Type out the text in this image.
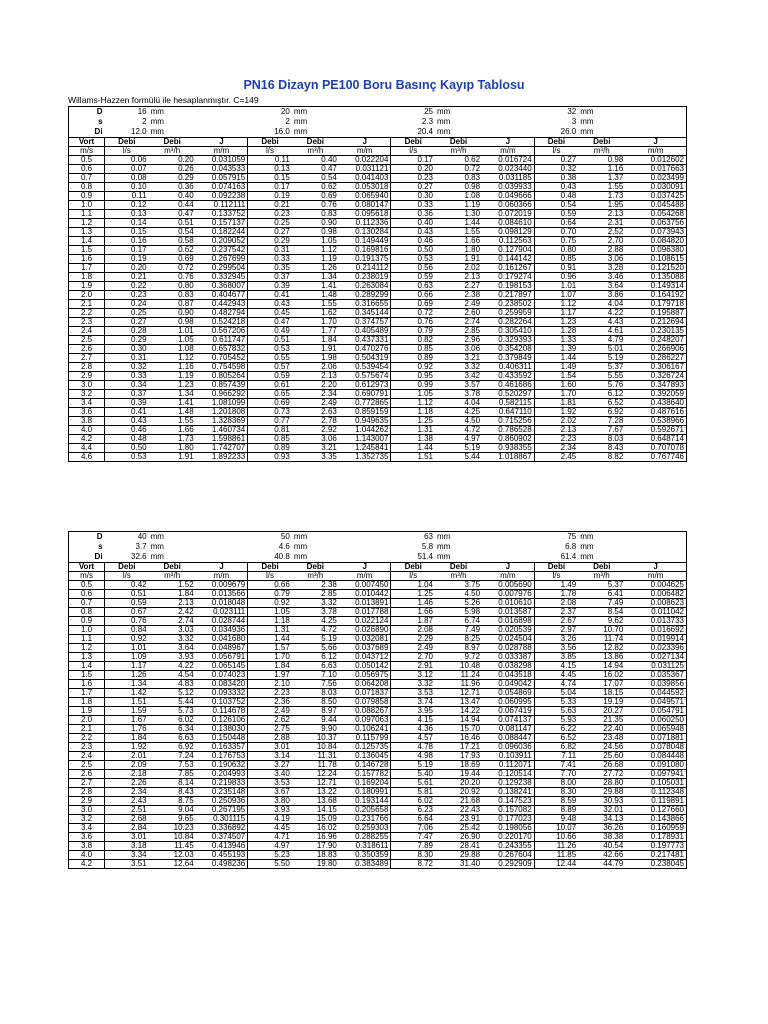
PN16 Dizayn PE100 Boru Basınç Kayıp Tablosu
Willams-Hazzen formülü ile hesaplanmıştır. C=149
D	16	mm		20	mm		25	mm		32	mm	
s	2	mm		2	mm		2.3	mm		3	mm	
Di	12.0	mm		16.0	mm		20.4	mm		26.0	mm	
Vort	Debi	Debi	J	Debi	Debi	J	Debi	Debi	J	Debi	Debi	J
m/s	l/s	m³/h	m/m	l/s	m³/h	m/m	l/s	m³/h	m/m	l/s	m³/h	m/m
0.5	0.06	0.20	0.031059	0.11	0.40	0.022204	0.17	0.62	0.016724	0.27	0.98	0.012602
0.6	0.07	0.26	0.043533	0.13	0.47	0.031121	0.20	0.72	0.023440	0.32	1.16	0.017663
0.7	0.08	0.29	0.057915	0.15	0.54	0.041403	0.23	0.83	0.031185	0.38	1.37	0.023499
0.8	0.10	0.36	0.074163	0.17	0.62	0.053018	0.27	0.98	0.039933	0.43	1.55	0.030091
0.9	0.11	0.40	0.092238	0.19	0.69	0.065940	0.30	1.08	0.049666	0.48	1.73	0.037425
1.0	0.12	0.44	0.112111	0.21	0.76	0.080147	0.33	1.19	0.060366	0.54	1.95	0.045488
1.1	0.13	0.47	0.133752	0.23	0.83	0.095618	0.36	1.30	0.072019	0.59	2.13	0.054268
1.2	0.14	0.51	0.157137	0.25	0.90	0.112336	0.40	1.44	0.084610	0.64	2.31	0.063756
1.3	0.15	0.54	0.182244	0.27	0.98	0.130284	0.43	1.55	0.098129	0.70	2.52	0.073943
1.4	0.16	0.58	0.209052	0.29	1.05	0.149449	0.46	1.66	0.112563	0.75	2.70	0.084820
1.5	0.17	0.62	0.237542	0.31	1.12	0.169816	0.50	1.80	0.127904	0.80	2.88	0.096380
1.6	0.19	0.69	0.267699	0.33	1.19	0.191375	0.53	1.91	0.144142	0.85	3.06	0.108615
1.7	0.20	0.72	0.299504	0.35	1.26	0.214112	0.56	2.02	0.161267	0.91	3.28	0.121520
1.8	0.21	0.76	0.332945	0.37	1.34	0.238019	0.59	2.13	0.179274	0.96	3.46	0.135088
1.9	0.22	0.80	0.368007	0.39	1.41	0.263084	0.63	2.27	0.198153	1.01	3.64	0.149314
2.0	0.23	0.83	0.404677	0.41	1.48	0.289299	0.66	2.38	0.217897	1.07	3.86	0.164192
2.1	0.24	0.87	0.442943	0.43	1.55	0.316655	0.69	2.49	0.238502	1.12	4.04	0.179718
2.2	0.25	0.90	0.482794	0.45	1.62	0.345144	0.72	2.60	0.259959	1.17	4.22	0.195887
2.3	0.27	0.98	0.524218	0.47	1.70	0.374757	0.76	2.74	0.282264	1.23	4.43	0.212694
2.4	0.28	1.01	0.567206	0.49	1.77	0.405489	0.79	2.85	0.305410	1.28	4.61	0.230135
2.5	0.29	1.05	0.611747	0.51	1.84	0.437331	0.82	2.96	0.329393	1.33	4.79	0.248207
2.6	0.30	1.08	0.657832	0.53	1.91	0.470276	0.85	3.06	0.354208	1.39	5.01	0.266906
2.7	0.31	1.12	0.705452	0.55	1.98	0.504319	0.89	3.21	0.379849	1.44	5.19	0.286227
2.8	0.32	1.16	0.754598	0.57	2.06	0.539454	0.92	3.32	0.406311	1.49	5.37	0.306167
2.9	0.33	1.19	0.805264	0.59	2.13	0.575674	0.95	3.42	0.433592	1.54	5.55	0.326724
3.0	0.34	1.23	0.857439	0.61	2.20	0.612973	0.99	3.57	0.461686	1.60	5.76	0.347893
3.2	0.37	1.34	0.966292	0.65	2.34	0.690791	1.05	3.78	0.520297	1.70	6.12	0.392059
3.4	0.39	1.41	1.081099	0.69	2.49	0.772865	1.12	4.04	0.582115	1.81	6.52	0.438640
3.6	0.41	1.48	1.201808	0.73	2.63	0.859159	1.18	4.25	0.647110	1.92	6.92	0.487616
3.8	0.43	1.55	1.328369	0.77	2.78	0.949635	1.25	4.50	0.715256	2.02	7.28	0.538966
4.0	0.46	1.66	1.460734	0.81	2.92	1.044262	1.31	4.72	0.786528	2.13	7.67	0.592671
4.2	0.48	1.73	1.598861	0.85	3.06	1.143007	1.38	4.97	0.860902	2.23	8.03	0.648714
4.4	0.50	1.80	1.742707	0.89	3.21	1.245841	1.44	5.19	0.938355	2.34	8.43	0.707078
4.6	0.53	1.91	1.892233	0.93	3.35	1.352735	1.51	5.44	1.018867	2.45	8.82	0.767746
D	40	mm		50	mm		63	mm		75	mm	
s	3.7	mm		4.6	mm		5.8	mm		6.8	mm	
Di	32.6	mm		40.8	mm		51.4	mm		61.4	mm	
Vort	Debi	Debi	J	Debi	Debi	J	Debi	Debi	J	Debi	Debi	J
m/s	l/s	m³/h	m/m	l/s	m³/h	m/m	l/s	m³/h	m/m	l/s	m³/h	m/m
0.5	0.42	1.52	0.009679	0.66	2.38	0.007450	1.04	3.75	0.005690	1.49	5.37	0.004625
0.6	0.51	1.84	0.013566	0.79	2.85	0.010442	1.25	4.50	0.007976	1.78	6.41	0.006482
0.7	0.59	2.13	0.018048	0.92	3.32	0.013891	1.46	5.26	0.010610	2.08	7.49	0.008623
0.8	0.67	2.42	0.023111	1.05	3.78	0.017788	1.66	5.98	0.013587	2.37	8.54	0.011042
0.9	0.76	2.74	0.028744	1.18	4.25	0.022124	1.87	6.74	0.016898	2.67	9.62	0.013733
1.0	0.84	3.03	0.034936	1.31	4.72	0.026890	2.08	7.49	0.020539	2.97	10.70	0.016692
1.1	0.92	3.32	0.041680	1.44	5.19	0.032081	2.29	8.25	0.024504	3.26	11.74	0.019914
1.2	1.01	3.64	0.048967	1.57	5.66	0.037689	2.49	8.97	0.028788	3.56	12.82	0.023396
1.3	1.09	3.93	0.056791	1.70	6.12	0.043712	2.70	9.72	0.033387	3.85	13.86	0.027134
1.4	1.17	4.22	0.065145	1.84	6.63	0.050142	2.91	10.48	0.038298	4.15	14.94	0.031125
1.5	1.26	4.54	0.074023	1.97	7.10	0.056975	3.12	11.24	0.043518	4.45	16.02	0.035367
1.6	1.34	4.83	0.083420	2.10	7.56	0.064208	3.32	11.96	0.049042	4.74	17.07	0.039856
1.7	1.42	5.12	0.093332	2.23	8.03	0.071837	3.53	12.71	0.054869	5.04	18.15	0.044592
1.8	1.51	5.44	0.103752	2.36	8.50	0.079858	3.74	13.47	0.060995	5.33	19.19	0.049571
1.9	1.59	5.73	0.114678	2.49	8.97	0.088267	3.95	14.22	0.067419	5.63	20.27	0.054791
2.0	1.67	6.02	0.126106	2.62	9.44	0.097063	4.15	14.94	0.074137	5.93	21.35	0.060250
2.1	1.76	6.34	0.138030	2.75	9.90	0.106241	4.36	15.70	0.081147	6.22	22.40	0.065948
2.2	1.84	6.63	0.150448	2.88	10.37	0.115799	4.57	16.46	0.088447	6.52	23.48	0.071881
2.3	1.92	6.92	0.163357	3.01	10.84	0.125735	4.78	17.21	0.096036	6.82	24.56	0.078048
2.4	2.01	7.24	0.176753	3.14	11.31	0.136045	4.98	17.93	0.103911	7.11	25.60	0.084448
2.5	2.09	7.53	0.190632	3.27	11.78	0.146728	5.19	18.69	0.112071	7.41	26.68	0.091080
2.6	2.18	7.85	0.204993	3.40	12.24	0.157782	5.40	19.44	0.120514	7.70	27.72	0.097941
2.7	2.26	8.14	0.219833	3.53	12.71	0.169204	5.61	20.20	0.129238	8.00	28.80	0.105031
2.8	2.34	8.43	0.235148	3.67	13.22	0.180991	5.81	20.92	0.138241	8.30	29.88	0.112348
2.9	2.43	8.75	0.250936	3.80	13.68	0.193144	6.02	21.68	0.147523	8.59	30.93	0.119891
3.0	2.51	9.04	0.267195	3.93	14.15	0.205658	6.23	22.43	0.157082	8.89	32.01	0.127660
3.2	2.68	9.65	0.301115	4.19	15.09	0.231766	6.64	23.91	0.177023	9.48	34.13	0.143866
3.4	2.84	10.23	0.336892	4.45	16.02	0.259303	7.06	25.42	0.198056	10.07	36.26	0.160959
3.6	3.01	10.84	0.374507	4.71	16.96	0.288255	7.47	26.90	0.220170	10.66	38.38	0.178931
3.8	3.18	11.45	0.413946	4.97	17.90	0.318611	7.89	28.41	0.243355	11.26	40.54	0.197773
4.0	3.34	12.03	0.455193	5.23	18.83	0.350359	8.30	29.88	0.267604	11.85	42.66	0.217481
4.2	3.51	12.64	0.498236	5.50	19.80	0.383489	8.72	31.40	0.292909	12.44	44.79	0.238045
